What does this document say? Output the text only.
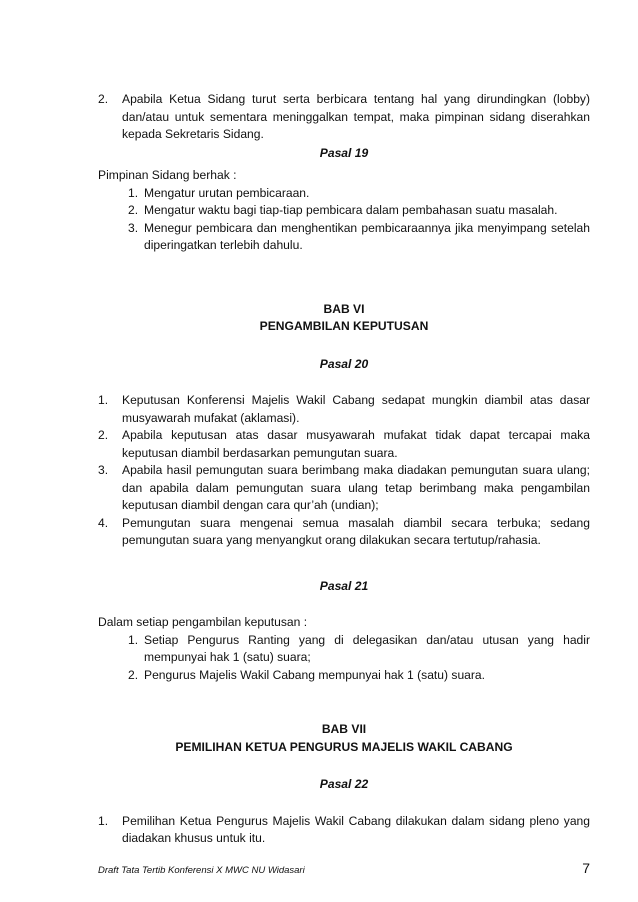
2.	Apabila Ketua Sidang turut serta berbicara tentang hal yang dirundingkan (lobby) dan/atau untuk sementara meninggalkan tempat, maka pimpinan sidang diserahkan kepada Sekretaris Sidang.
Pasal 19
Pimpinan Sidang berhak :
1. Mengatur urutan pembicaraan.
2. Mengatur waktu bagi tiap-tiap pembicara dalam pembahasan suatu masalah.
3. Menegur pembicara dan menghentikan pembicaraannya jika menyimpang setelah diperingatkan terlebih dahulu.
BAB VI
PENGAMBILAN KEPUTUSAN
Pasal 20
1.	Keputusan Konferensi Majelis Wakil Cabang sedapat mungkin diambil atas dasar musyawarah mufakat (aklamasi).
2.	Apabila keputusan atas dasar musyawarah mufakat tidak dapat tercapai maka keputusan diambil berdasarkan pemungutan suara.
3.	Apabila hasil pemungutan suara berimbang maka diadakan pemungutan suara ulang; dan apabila dalam pemungutan suara ulang tetap berimbang maka pengambilan keputusan diambil dengan cara qur’ah (undian);
4.	Pemungutan suara mengenai semua masalah diambil secara terbuka; sedang pemungutan suara yang menyangkut orang dilakukan secara tertutup/rahasia.
Pasal 21
Dalam setiap pengambilan keputusan :
1. Setiap Pengurus Ranting yang di delegasikan dan/atau utusan yang hadir mempunyai hak 1 (satu) suara;
2. Pengurus Majelis Wakil Cabang mempunyai hak 1 (satu) suara.
BAB VII
PEMILIHAN KETUA PENGURUS MAJELIS WAKIL CABANG
Pasal 22
1.	Pemilihan Ketua Pengurus Majelis Wakil Cabang dilakukan dalam sidang pleno yang diadakan khusus untuk itu.
Draft Tata Tertib Konferensi X MWC NU Widasari	7
